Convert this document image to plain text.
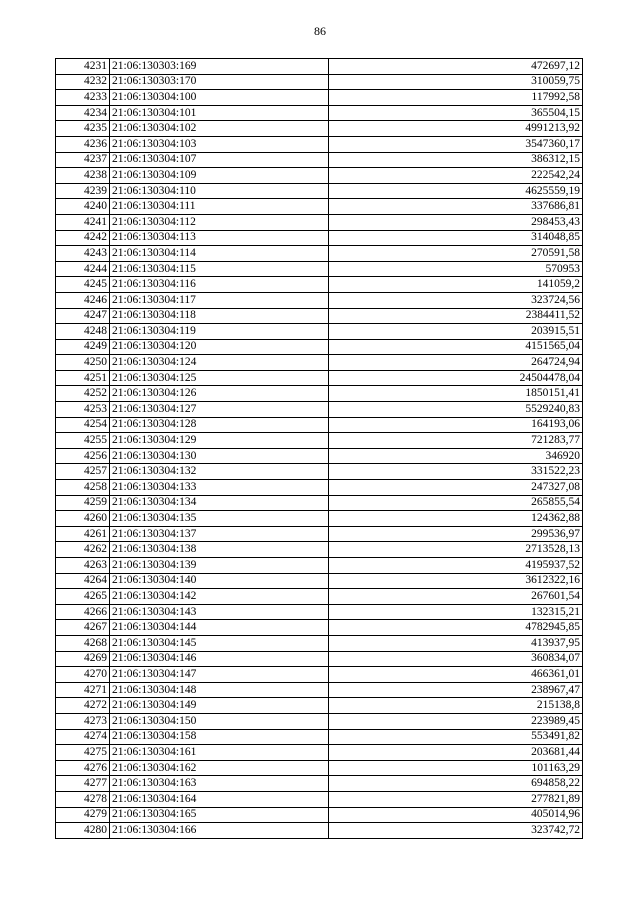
86
4231	21:06:130303:169	472697,12
4232	21:06:130303:170	310059,75
4233	21:06:130304:100	117992,58
4234	21:06:130304:101	365504,15
4235	21:06:130304:102	4991213,92
4236	21:06:130304:103	3547360,17
4237	21:06:130304:107	386312,15
4238	21:06:130304:109	222542,24
4239	21:06:130304:110	4625559,19
4240	21:06:130304:111	337686,81
4241	21:06:130304:112	298453,43
4242	21:06:130304:113	314048,85
4243	21:06:130304:114	270591,58
4244	21:06:130304:115	570953
4245	21:06:130304:116	141059,2
4246	21:06:130304:117	323724,56
4247	21:06:130304:118	2384411,52
4248	21:06:130304:119	203915,51
4249	21:06:130304:120	4151565,04
4250	21:06:130304:124	264724,94
4251	21:06:130304:125	24504478,04
4252	21:06:130304:126	1850151,41
4253	21:06:130304:127	5529240,83
4254	21:06:130304:128	164193,06
4255	21:06:130304:129	721283,77
4256	21:06:130304:130	346920
4257	21:06:130304:132	331522,23
4258	21:06:130304:133	247327,08
4259	21:06:130304:134	265855,54
4260	21:06:130304:135	124362,88
4261	21:06:130304:137	299536,97
4262	21:06:130304:138	2713528,13
4263	21:06:130304:139	4195937,52
4264	21:06:130304:140	3612322,16
4265	21:06:130304:142	267601,54
4266	21:06:130304:143	132315,21
4267	21:06:130304:144	4782945,85
4268	21:06:130304:145	413937,95
4269	21:06:130304:146	360834,07
4270	21:06:130304:147	466361,01
4271	21:06:130304:148	238967,47
4272	21:06:130304:149	215138,8
4273	21:06:130304:150	223989,45
4274	21:06:130304:158	553491,82
4275	21:06:130304:161	203681,44
4276	21:06:130304:162	101163,29
4277	21:06:130304:163	694858,22
4278	21:06:130304:164	277821,89
4279	21:06:130304:165	405014,96
4280	21:06:130304:166	323742,72
